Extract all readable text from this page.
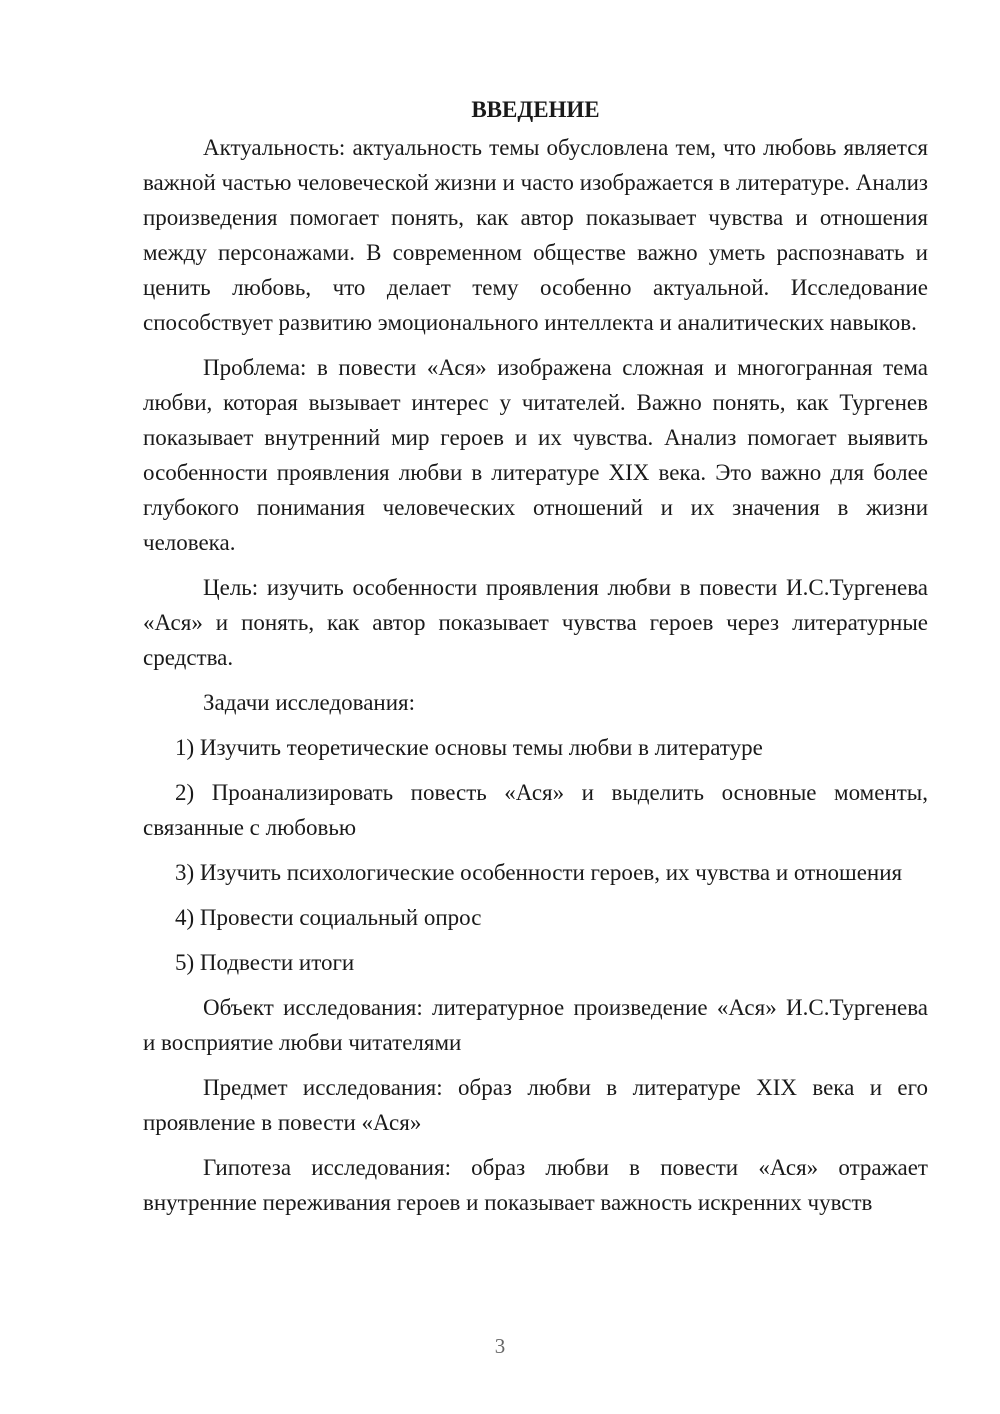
ВВЕДЕНИЕ

Актуальность: актуальность темы обусловлена тем, что любовь является важной частью человеческой жизни и часто изображается в литературе. Анализ произведения помогает понять, как автор показывает чувства и отношения между персонажами. В современном обществе важно уметь распознавать и ценить любовь, что делает тему особенно актуальной. Исследование способствует развитию эмоционального интеллекта и аналитических навыков.

Проблема: в повести «Ася» изображена сложная и многогранная тема любви, которая вызывает интерес у читателей. Важно понять, как Тургенев показывает внутренний мир героев и их чувства. Анализ помогает выявить особенности проявления любви в литературе XIX века. Это важно для более глубокого понимания человеческих отношений и их значения в жизни человека.

Цель: изучить особенности проявления любви в повести И.С.Тургенева «Ася» и понять, как автор показывает чувства героев через литературные средства.

Задачи исследования:

1) Изучить теоретические основы темы любви в литературе
2) Проанализировать повесть «Ася» и выделить основные моменты, связанные с любовью
3) Изучить психологические особенности героев, их чувства и отношения
4) Провести социальный опрос
5) Подвести итоги

Объект исследования: литературное произведение «Ася» И.С.Тургенева и восприятие любви читателями

Предмет исследования: образ любви в литературе XIX века и его проявление в повести «Ася»

Гипотеза исследования: образ любви в повести «Ася» отражает внутренние переживания героев и показывает важность искренних чувств

3
